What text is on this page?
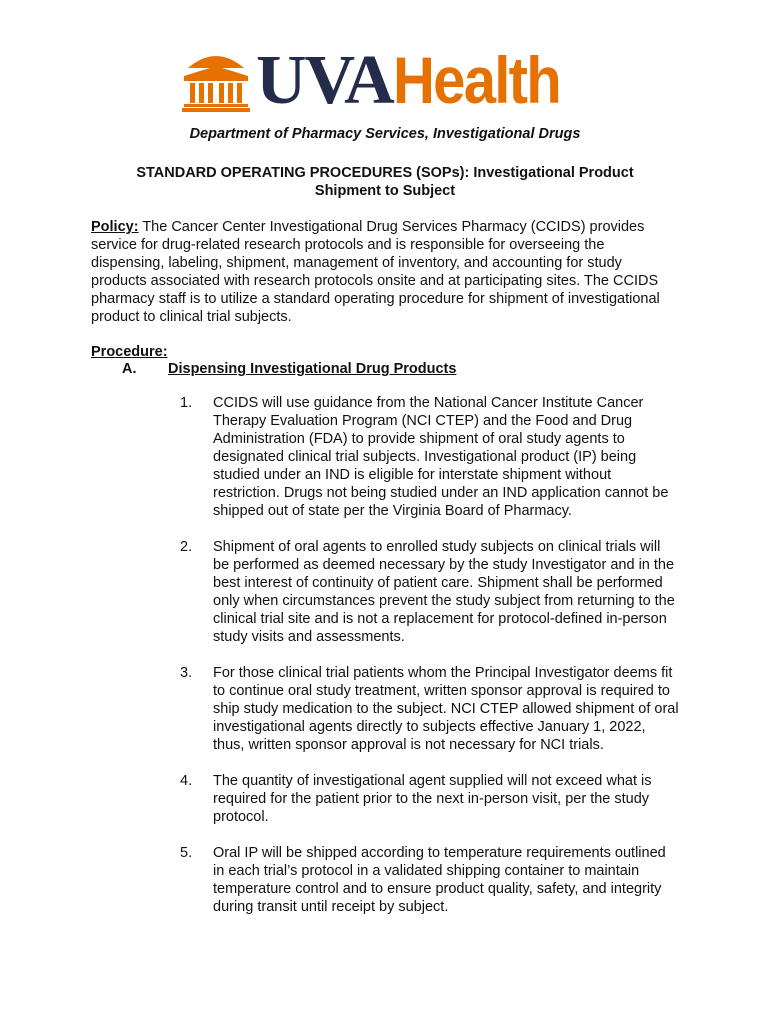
UVA Health
Department of Pharmacy Services, Investigational Drugs
STANDARD OPERATING PROCEDURES (SOPs): Investigational Product Shipment to Subject
Policy: The Cancer Center Investigational Drug Services Pharmacy (CCIDS) provides service for drug-related research protocols and is responsible for overseeing the dispensing, labeling, shipment, management of inventory, and accounting for study products associated with research protocols onsite and at participating sites. The CCIDS pharmacy staff is to utilize a standard operating procedure for shipment of investigational product to clinical trial subjects.
Procedure:
A.	Dispensing Investigational Drug Products
1.	CCIDS will use guidance from the National Cancer Institute Cancer Therapy Evaluation Program (NCI CTEP) and the Food and Drug Administration (FDA) to provide shipment of oral study agents to designated clinical trial subjects. Investigational product (IP) being studied under an IND is eligible for interstate shipment without restriction. Drugs not being studied under an IND application cannot be shipped out of state per the Virginia Board of Pharmacy.
2.	Shipment of oral agents to enrolled study subjects on clinical trials will be performed as deemed necessary by the study Investigator and in the best interest of continuity of patient care. Shipment shall be performed only when circumstances prevent the study subject from returning to the clinical trial site and is not a replacement for protocol-defined in-person study visits and assessments.
3.	For those clinical trial patients whom the Principal Investigator deems fit to continue oral study treatment, written sponsor approval is required to ship study medication to the subject. NCI CTEP allowed shipment of oral investigational agents directly to subjects effective January 1, 2022, thus, written sponsor approval is not necessary for NCI trials.
4.	The quantity of investigational agent supplied will not exceed what is required for the patient prior to the next in-person visit, per the study protocol.
5.	Oral IP will be shipped according to temperature requirements outlined in each trial’s protocol in a validated shipping container to maintain temperature control and to ensure product quality, safety, and integrity during transit until receipt by subject.
